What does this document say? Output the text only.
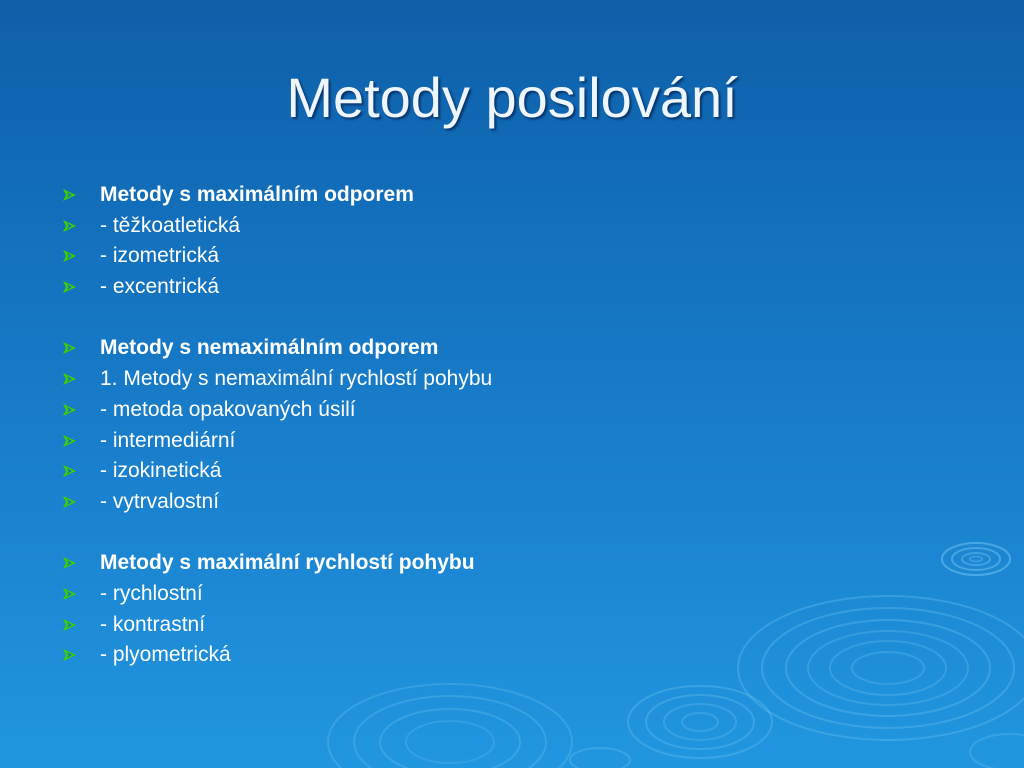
Metody posilování
Metody s maximálním odporem
- těžkoatletická
- izometrická
- excentrická
Metody s nemaximálním odporem
1. Metody s nemaximální rychlostí pohybu
- metoda opakovaných úsilí
- intermediární
- izokinetická
- vytrvalostní
Metody s maximální rychlostí pohybu
- rychlostní
- kontrastní
- plyometrická
